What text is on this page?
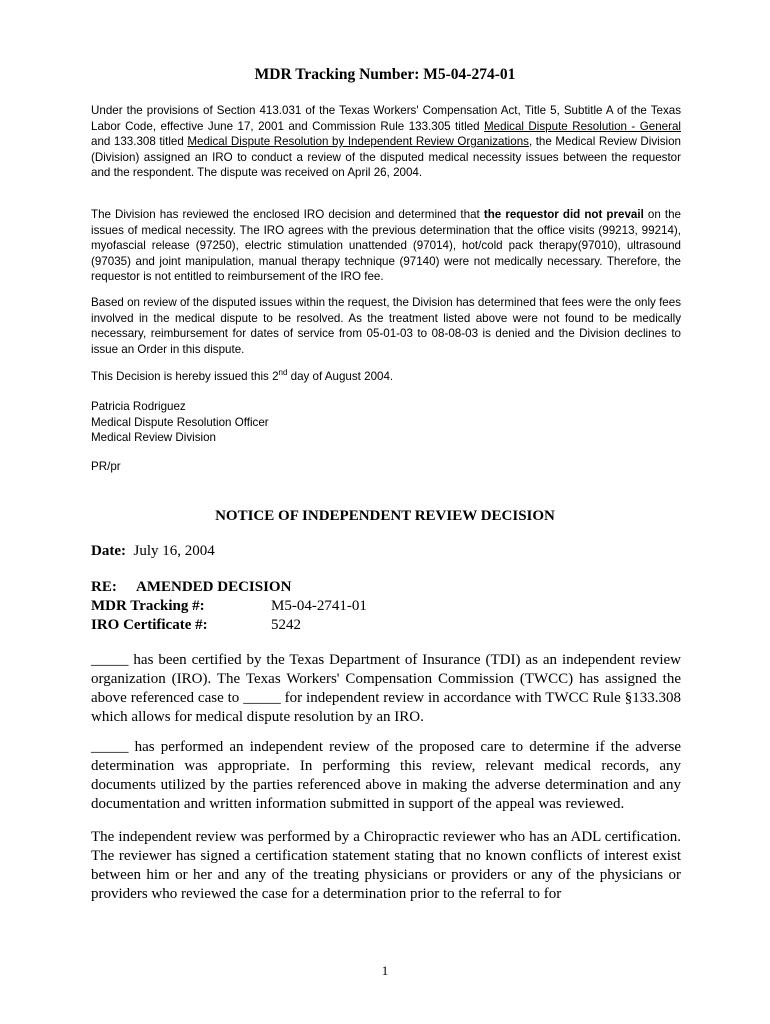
MDR Tracking Number: M5-04-274-01

Under the provisions of Section 413.031 of the Texas Workers' Compensation Act, Title 5, Subtitle A of the Texas Labor Code, effective June 17, 2001 and Commission Rule 133.305 titled Medical Dispute Resolution - General and 133.308 titled Medical Dispute Resolution by Independent Review Organizations, the Medical Review Division (Division) assigned an IRO to conduct a review of the disputed medical necessity issues between the requestor and the respondent. The dispute was received on April 26, 2004.

The Division has reviewed the enclosed IRO decision and determined that the requestor did not prevail on the issues of medical necessity. The IRO agrees with the previous determination that the office visits (99213, 99214), myofascial release (97250), electric stimulation unattended (97014), hot/cold pack therapy(97010), ultrasound (97035) and joint manipulation, manual therapy technique (97140) were not medically necessary. Therefore, the requestor is not entitled to reimbursement of the IRO fee.

Based on review of the disputed issues within the request, the Division has determined that fees were the only fees involved in the medical dispute to be resolved. As the treatment listed above were not found to be medically necessary, reimbursement for dates of service from 05-01-03 to 08-08-03 is denied and the Division declines to issue an Order in this dispute.

This Decision is hereby issued this 2nd day of August 2004.

Patricia Rodriguez
Medical Dispute Resolution Officer
Medical Review Division
PR/pr
NOTICE OF INDEPENDENT REVIEW DECISION
Date: July 16, 2004
RE: AMENDED DECISION
MDR Tracking #:	M5-04-2741-01
IRO Certificate #:	5242

_____ has been certified by the Texas Department of Insurance (TDI) as an independent review organization (IRO). The Texas Workers' Compensation Commission (TWCC) has assigned the above referenced case to _____ for independent review in accordance with TWCC Rule §133.308 which allows for medical dispute resolution by an IRO.

_____ has performed an independent review of the proposed care to determine if the adverse determination was appropriate. In performing this review, relevant medical records, any documents utilized by the parties referenced above in making the adverse determination and any documentation and written information submitted in support of the appeal was reviewed.

The independent review was performed by a Chiropractic reviewer who has an ADL certification. The reviewer has signed a certification statement stating that no known conflicts of interest exist between him or her and any of the treating physicians or providers or any of the physicians or providers who reviewed the case for a determination prior to the referral to for

1
